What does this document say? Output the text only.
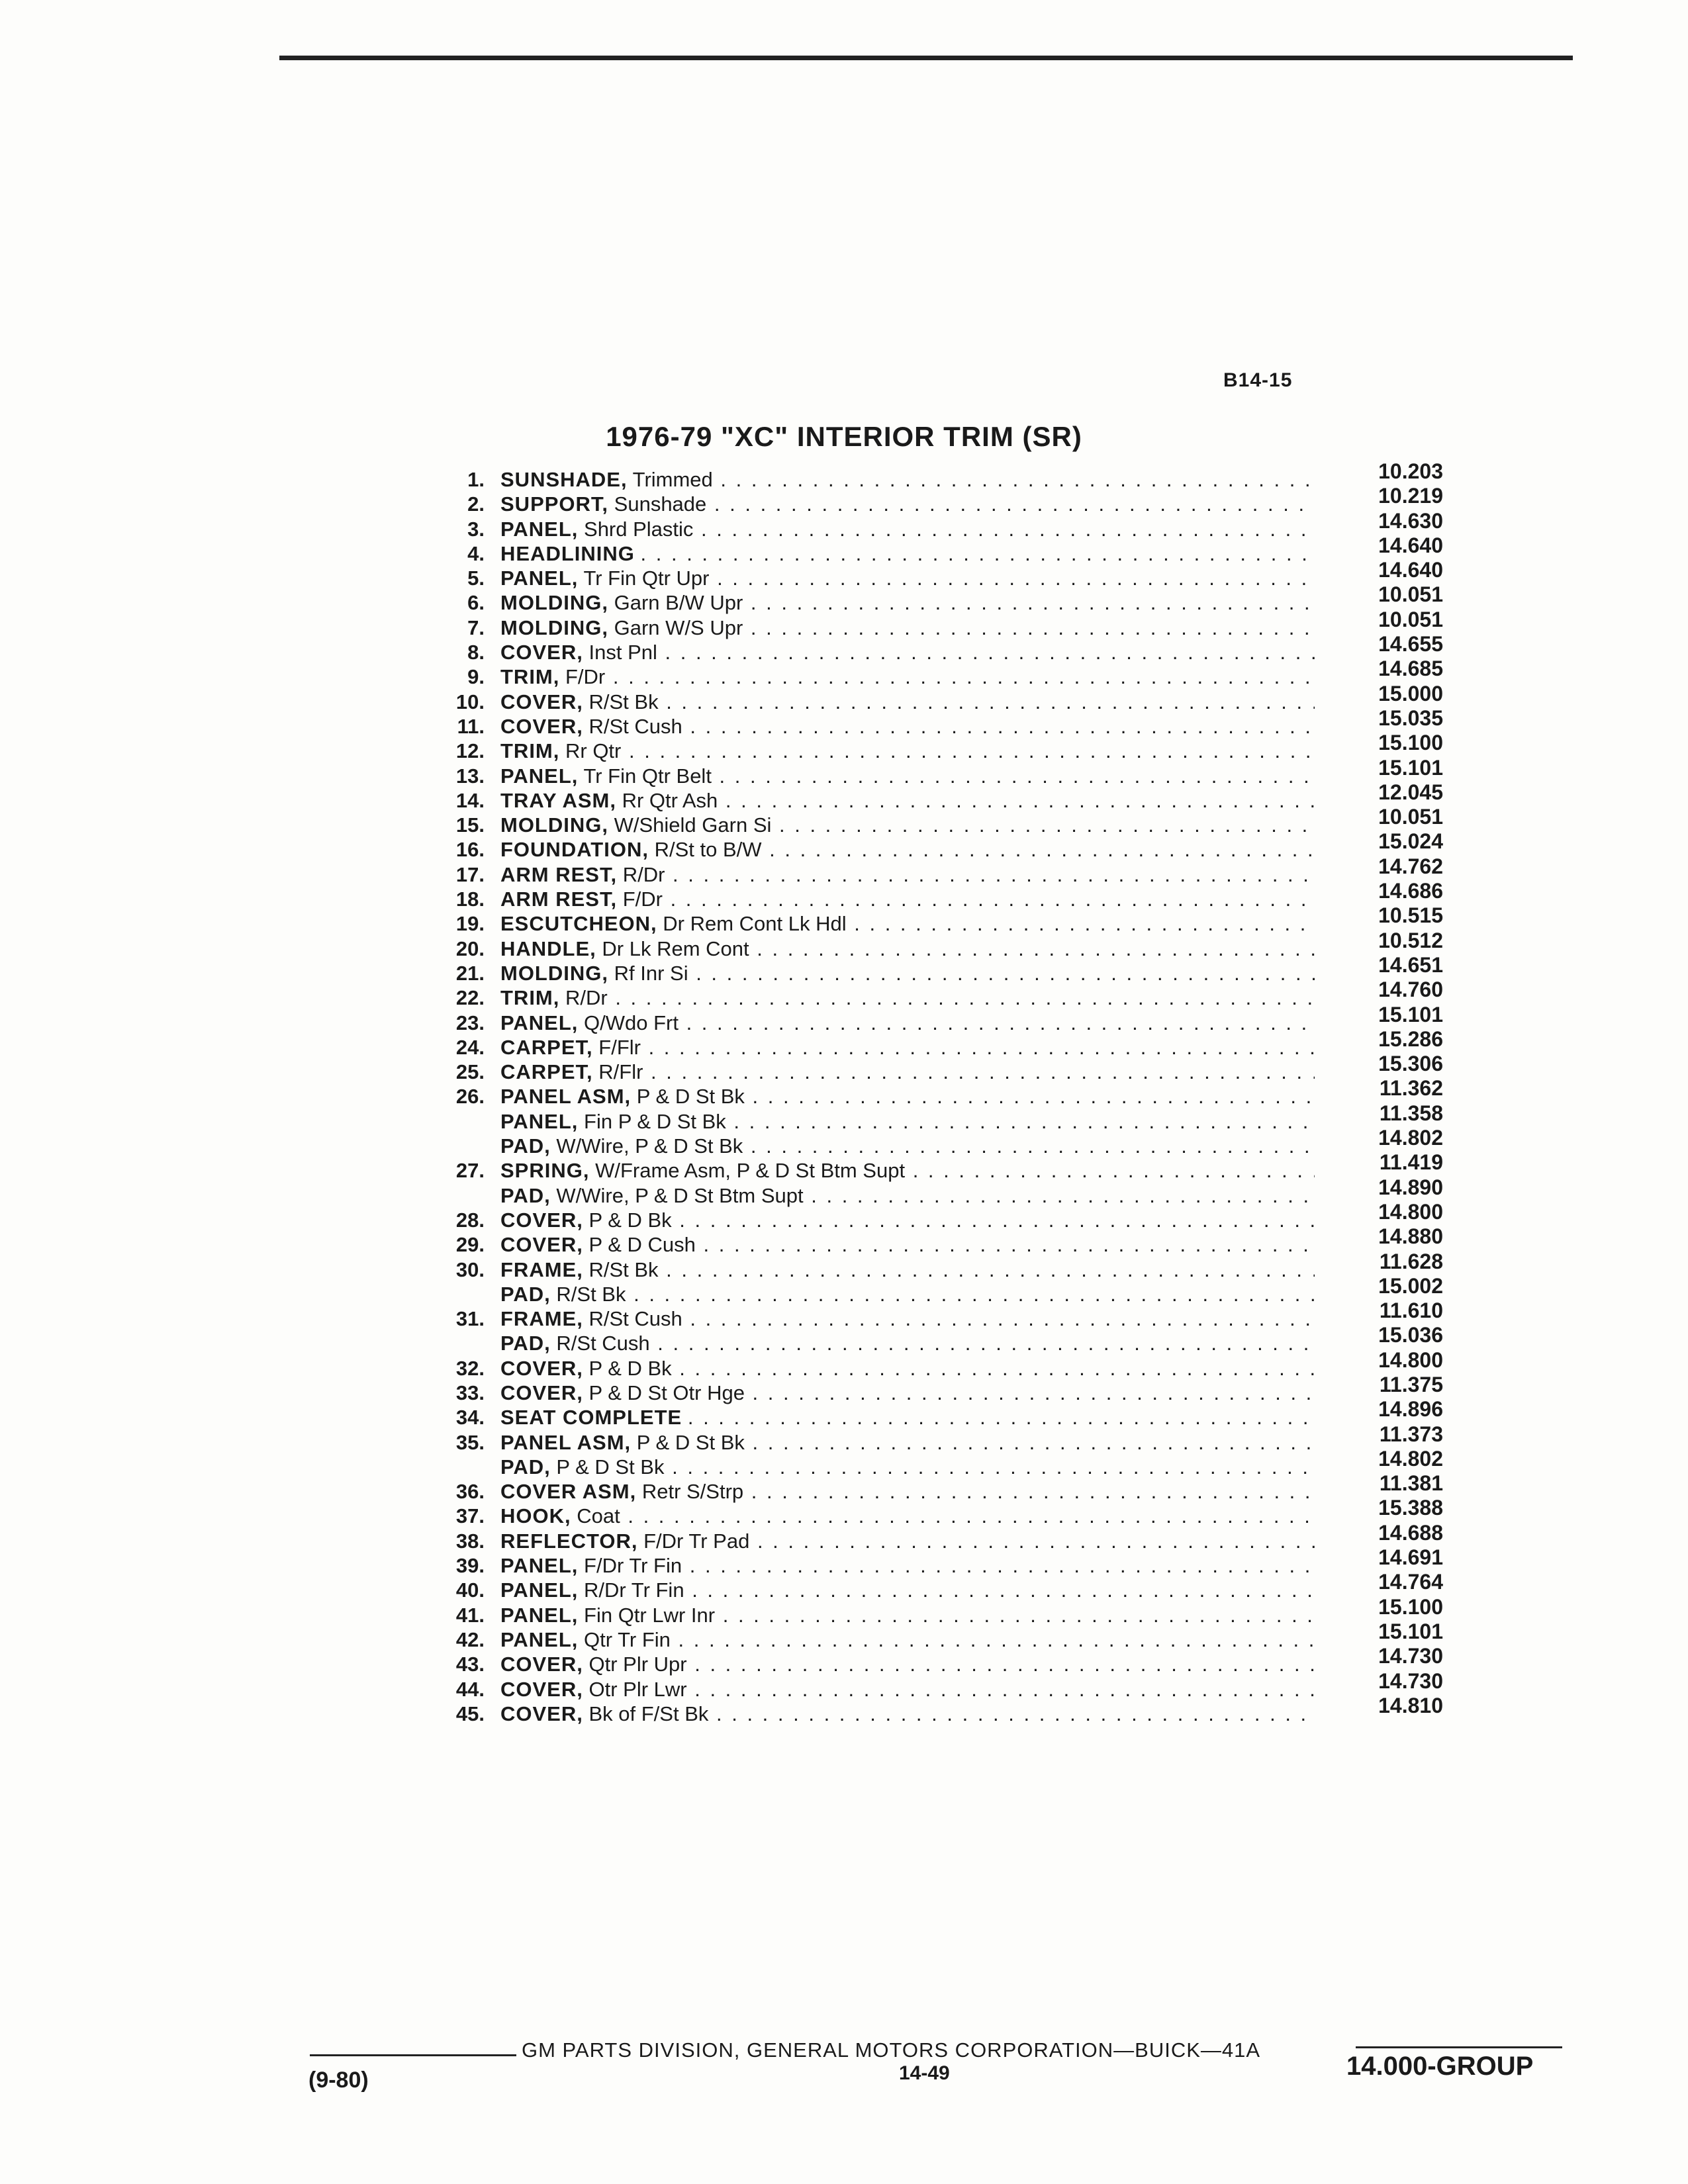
B14-15
1976-79 "XC" INTERIOR TRIM (SR)
1. SUNSHADE, Trimmed . . .	10.203
2. SUPPORT, Sunshade . . .	10.219
3. PANEL, Shrd Plastic . . .	14.630
4. HEADLINING . . .	14.640
5. PANEL, Tr Fin Qtr Upr . . .	14.640
6. MOLDING, Garn B/W Upr . . .	10.051
7. MOLDING, Garn W/S Upr . . .	10.051
8. COVER, Inst Pnl . . .	14.655
9. TRIM, F/Dr . . .	14.685
10. COVER, R/St Bk . . .	15.000
11. COVER, R/St Cush . . .	15.035
12. TRIM, Rr Qtr . . .	15.100
13. PANEL, Tr Fin Qtr Belt . . .	15.101
14. TRAY ASM, Rr Qtr Ash . . .	12.045
15. MOLDING, W/Shield Garn Si . . .	10.051
16. FOUNDATION, R/St to B/W . . .	15.024
17. ARM REST, R/Dr . . .	14.762
18. ARM REST, F/Dr . . .	14.686
19. ESCUTCHEON, Dr Rem Cont Lk Hdl . . .	10.515
20. HANDLE, Dr Lk Rem Cont . . .	10.512
21. MOLDING, Rf Inr Si . . .	14.651
22. TRIM, R/Dr . . .	14.760
23. PANEL, Q/Wdo Frt . . .	15.101
24. CARPET, F/Flr . . .	15.286
25. CARPET, R/Flr . . .	15.306
26. PANEL ASM, P & D St Bk . . .	11.362
PANEL, Fin P & D St Bk . . .	11.358
PAD, W/Wire, P & D St Bk . . .	14.802
27. SPRING, W/Frame Asm, P & D St Btm Supt . . .	11.419
PAD, W/Wire, P & D St Btm Supt . . .	14.890
28. COVER, P & D Bk . . .	14.800
29. COVER, P & D Cush . . .	14.880
30. FRAME, R/St Bk . . .	11.628
PAD, R/St Bk . . .	15.002
31. FRAME, R/St Cush . . .	11.610
PAD, R/St Cush . . .	15.036
32. COVER, P & D Bk . . .	14.800
33. COVER, P & D St Otr Hge . . .	11.375
34. SEAT COMPLETE . . .	14.896
35. PANEL ASM, P & D St Bk . . .	11.373
PAD, P & D St Bk . . .	14.802
36. COVER ASM, Retr S/Strp . . .	11.381
37. HOOK, Coat . . .	15.388
38. REFLECTOR, F/Dr Tr Pad . . .	14.688
39. PANEL, F/Dr Tr Fin . . .	14.691
40. PANEL, R/Dr Tr Fin . . .	14.764
41. PANEL, Fin Qtr Lwr Inr . . .	15.100
42. PANEL, Qtr Tr Fin . . .	15.101
43. COVER, Qtr Plr Upr . . .	14.730
44. COVER, Otr Plr Lwr . . .	14.730
45. COVER, Bk of F/St Bk . . .	14.810
GM PARTS DIVISION, GENERAL MOTORS CORPORATION—BUICK—41A
(9-80)	14-49	14.000-GROUP
